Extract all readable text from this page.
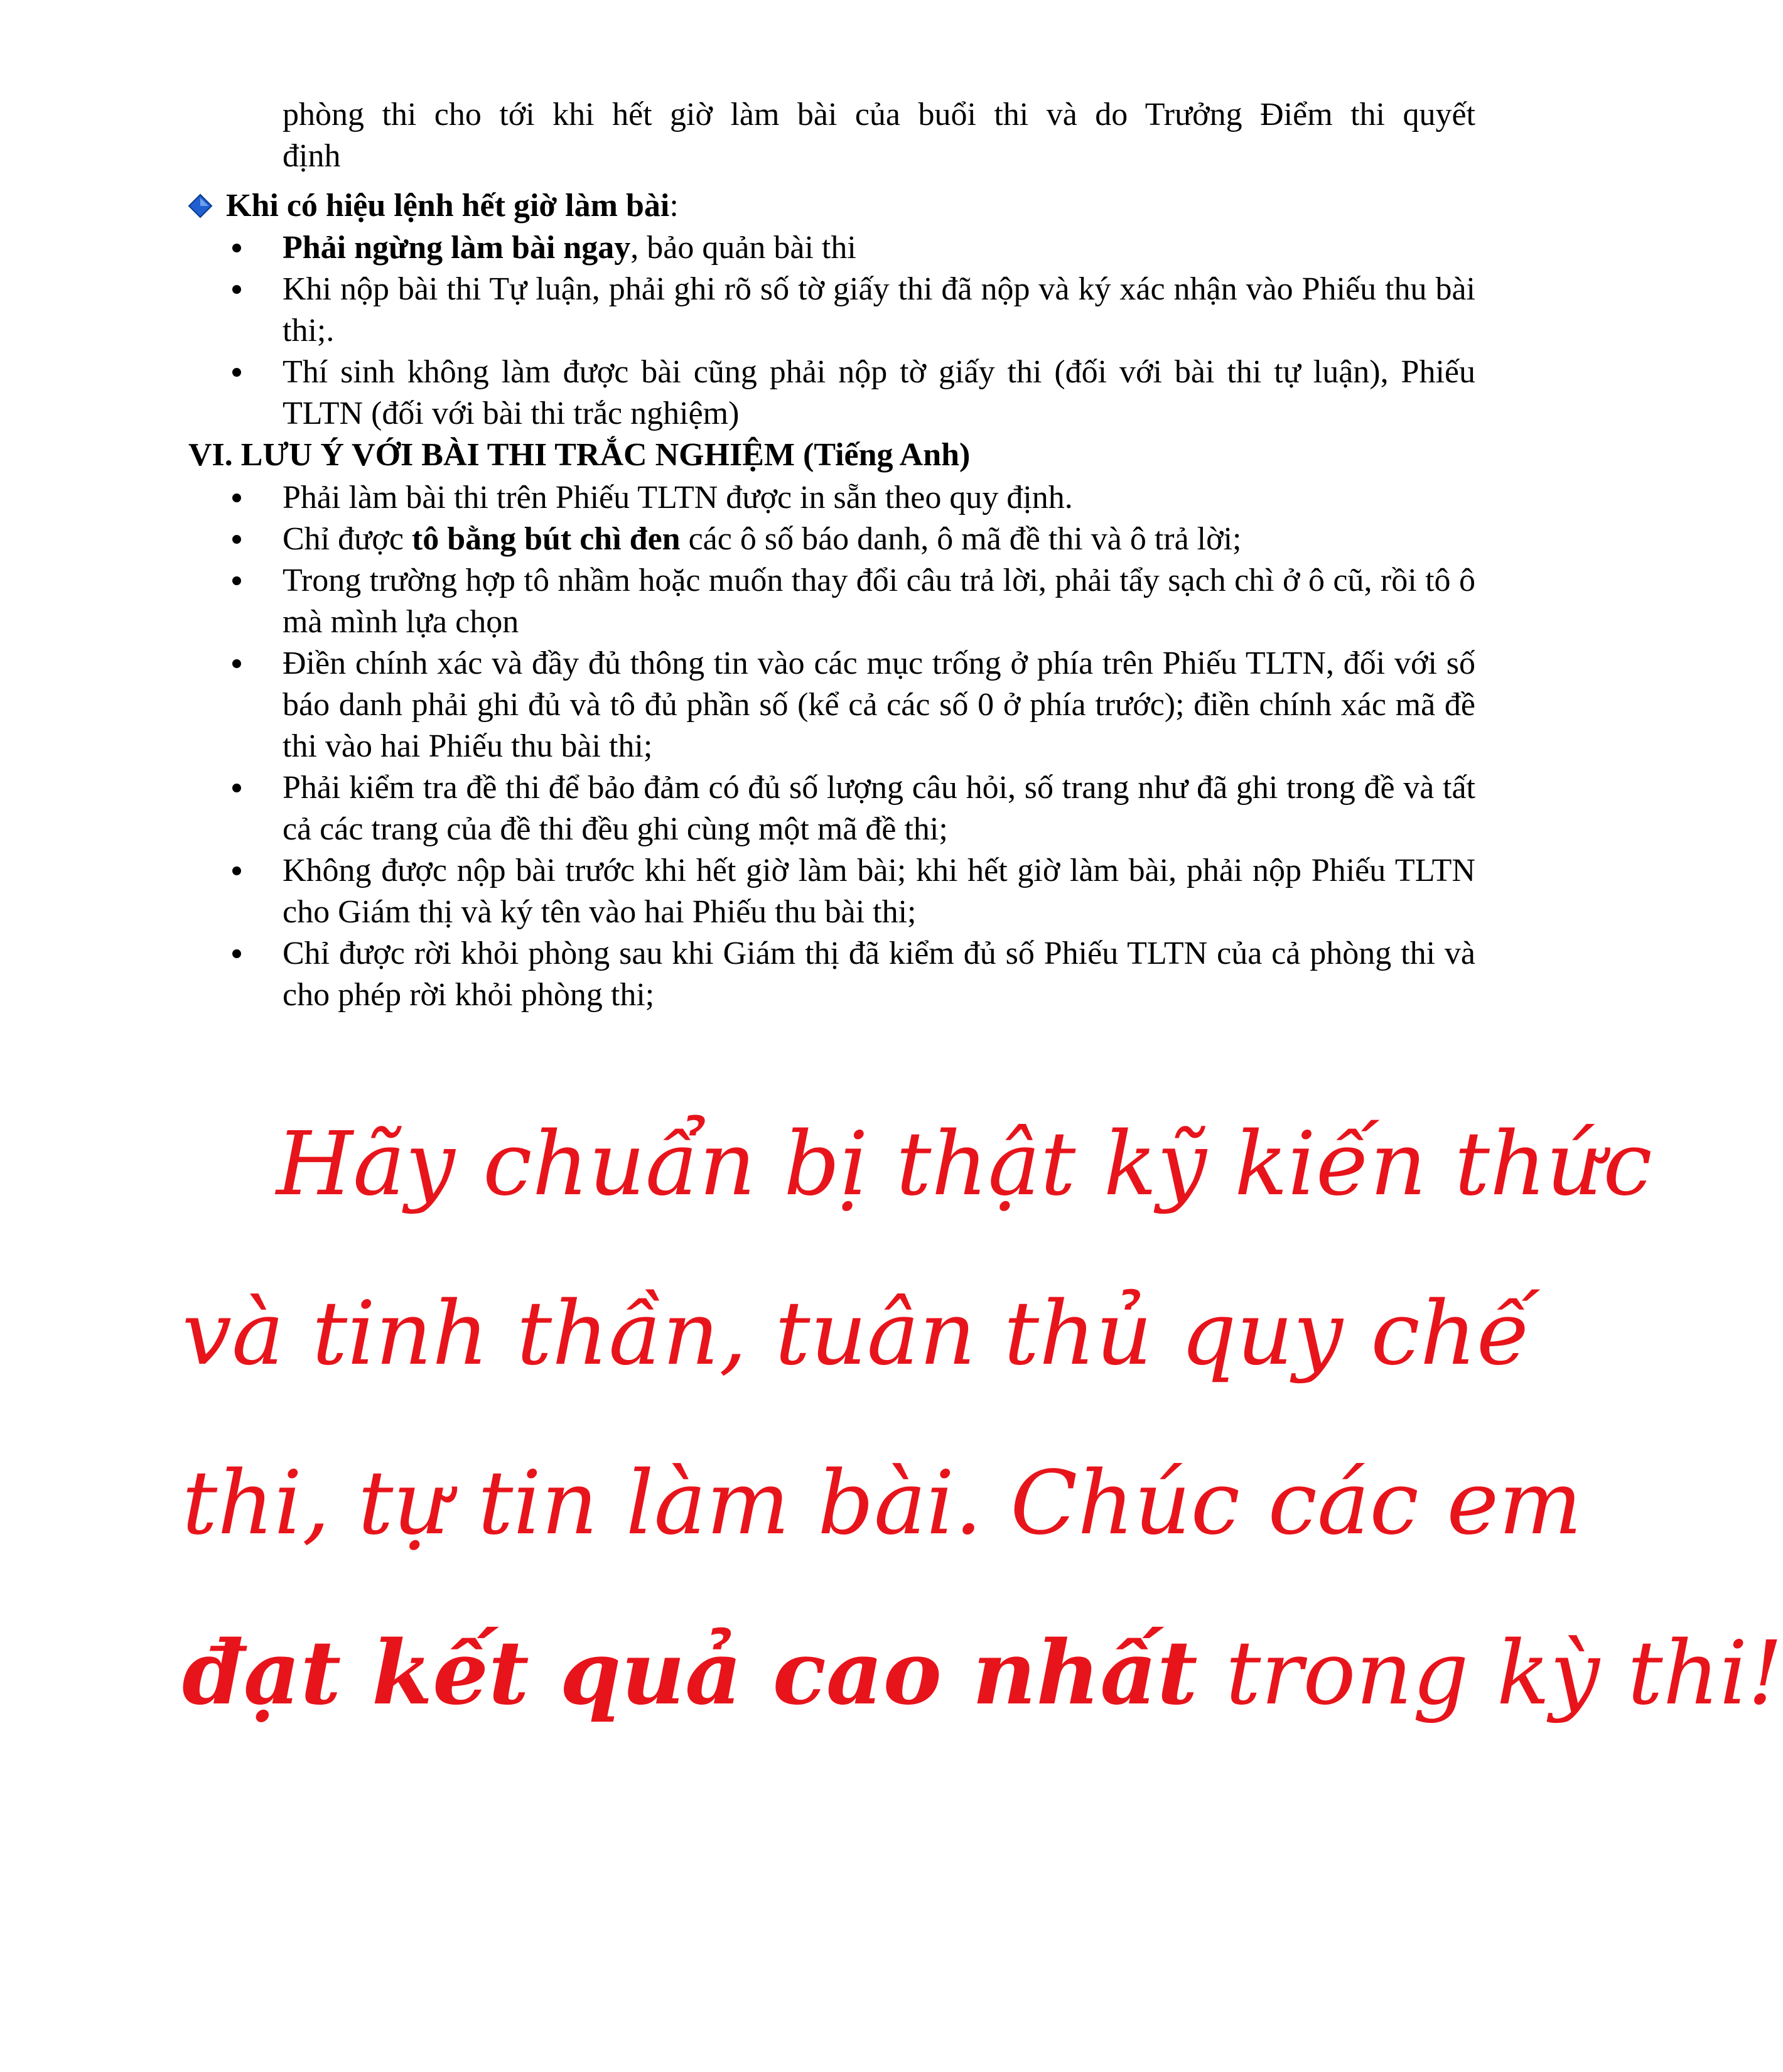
phòng thi cho tới khi hết giờ làm bài của buổi thi và do Trưởng Điểm thi quyết
định
Khi có hiệu lệnh hết giờ làm bài :
Phải ngừng làm bài ngay, bảo quản bài thi
Khi nộp bài thi Tự luận, phải ghi rõ số tờ giấy thi đã nộp và ký xác nhận vào Phiếu thu bài thi;.
Thí sinh không làm được bài cũng phải nộp tờ giấy thi (đối với bài thi tự luận), Phiếu TLTN (đối với bài thi trắc nghiệm)
VI. LƯU Ý VỚI BÀI THI TRẮC NGHIỆM (Tiếng Anh)
Phải làm bài thi trên Phiếu TLTN được in sẵn theo quy định.
Chỉ được tô bằng bút chì đen các ô số báo danh, ô mã đề thi và ô trả lời;
Trong trường hợp tô nhầm hoặc muốn thay đổi câu trả lời, phải tẩy sạch chì ở ô cũ, rồi tô ô mà mình lựa chọn
Điền chính xác và đầy đủ thông tin vào các mục trống ở phía trên Phiếu TLTN, đối với số báo danh phải ghi đủ và tô đủ phần số (kể cả các số 0 ở phía trước); điền chính xác mã đề thi vào hai Phiếu thu bài thi;
Phải kiểm tra đề thi để bảo đảm có đủ số lượng câu hỏi, số trang như đã ghi trong đề và tất cả các trang của đề thi đều ghi cùng một mã đề thi;
Không được nộp bài trước khi hết giờ làm bài; khi hết giờ làm bài, phải nộp Phiếu TLTN cho Giám thị và ký tên vào hai Phiếu thu bài thi;
Chỉ được rời khỏi phòng sau khi Giám thị đã kiểm đủ số Phiếu TLTN của cả phòng thi và cho phép rời khỏi phòng thi;
Hãy chuẩn bị thật kỹ kiến thức
và tinh thần, tuân thủ quy chế
thi, tự tin làm bài. Chúc các em
đạt kết quả cao nhất trong kỳ thi!
